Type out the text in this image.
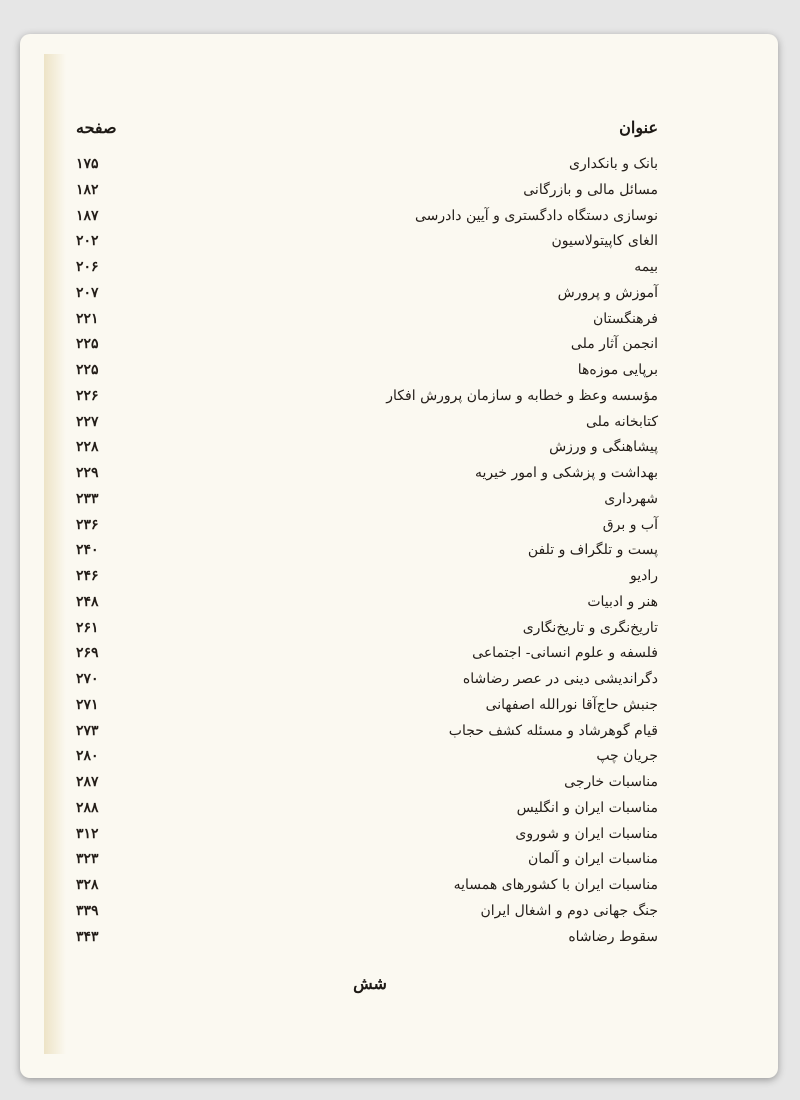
عنوان
صفحه
بانک و بانکداری
۱۷۵
مسائل مالی و بازرگانی
۱۸۲
نوسازی دستگاه دادگستری و آیین دادرسی
۱۸۷
الغای کاپیتولاسیون
۲۰۲
بیمه
۲۰۶
آموزش و پرورش
۲۰۷
فرهنگستان
۲۲۱
انجمن آثار ملی
۲۲۵
برپایی موزه‌ها
۲۲۵
مؤسسه وعظ و خطابه و سازمان پرورش افکار
۲۲۶
کتابخانه ملی
۲۲۷
پیشاهنگی و ورزش
۲۲۸
بهداشت و پزشکی و امور خیریه
۲۲۹
شهرداری
۲۳۳
آب و برق
۲۳۶
پست و تلگراف و تلفن
۲۴۰
رادیو
۲۴۶
هنر و ادبیات
۲۴۸
تاریخ‌نگری و تاریخ‌نگاری
۲۶۱
فلسفه و علوم انسانی- اجتماعی
۲۶۹
دگراندیشی دینی در عصر رضاشاه
۲۷۰
جنبش حاج‌آقا نورالله اصفهانی
۲۷۱
قیام گوهرشاد و مسئله کشف حجاب
۲۷۳
جریان چپ
۲۸۰
مناسبات خارجی
۲۸۷
مناسبات ایران و انگلیس
۲۸۸
مناسبات ایران و شوروی
۳۱۲
مناسبات ایران و آلمان
۳۲۳
مناسبات ایران با کشورهای همسایه
۳۲۸
جنگ جهانی دوم و اشغال ایران
۳۳۹
سقوط رضاشاه
۳۴۳
شش
